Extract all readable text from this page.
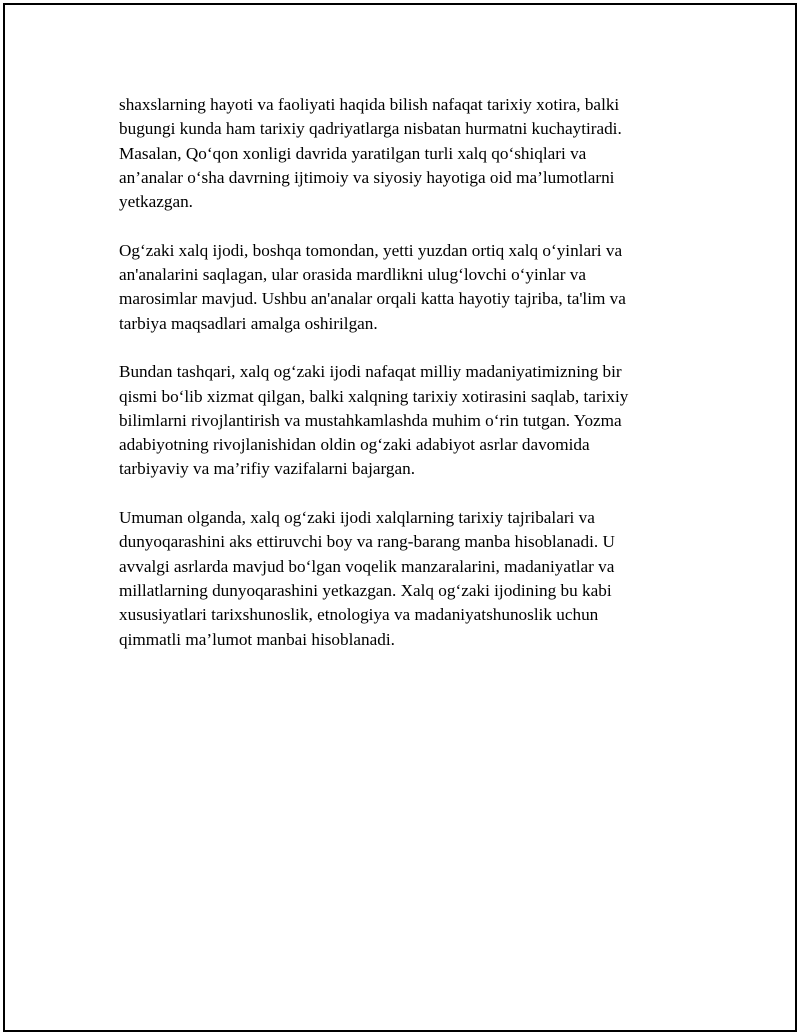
shaxslarning hayoti va faoliyati haqida bilish nafaqat tarixiy xotira, balki
bugungi kunda ham tarixiy qadriyatlarga nisbatan hurmatni kuchaytiradi.
Masalan, Qo‘qon xonligi davrida yaratilgan turli xalq qo‘shiqlari va
an’analar o‘sha davrning ijtimoiy va siyosiy hayotiga oid ma’lumotlarni
yetkazgan.
Og‘zaki xalq ijodi, boshqa tomondan, yetti yuzdan ortiq xalq o‘yinlari va
an'analarini saqlagan, ular orasida mardlikni ulug‘lovchi o‘yinlar va
marosimlar mavjud. Ushbu an'analar orqali katta hayotiy tajriba, ta'lim va
tarbiya maqsadlari amalga oshirilgan.
Bundan tashqari, xalq og‘zaki ijodi nafaqat milliy madaniyatimizning bir
qismi bo‘lib xizmat qilgan, balki xalqning tarixiy xotirasini saqlab, tarixiy
bilimlarni rivojlantirish va mustahkamlashda muhim o‘rin tutgan. Yozma
adabiyotning rivojlanishidan oldin og‘zaki adabiyot asrlar davomida
tarbiyaviy va ma’rifiy vazifalarni bajargan.
Umuman olganda, xalq og‘zaki ijodi xalqlarning tarixiy tajribalari va
dunyoqarashini aks ettiruvchi boy va rang-barang manba hisoblanadi. U
avvalgi asrlarda mavjud bo‘lgan voqelik manzaralarini, madaniyatlar va
millatlarning dunyoqarashini yetkazgan. Xalq og‘zaki ijodining bu kabi
xususiyatlari tarixshunoslik, etnologiya va madaniyatshunoslik uchun
qimmatli ma’lumot manbai hisoblanadi.
